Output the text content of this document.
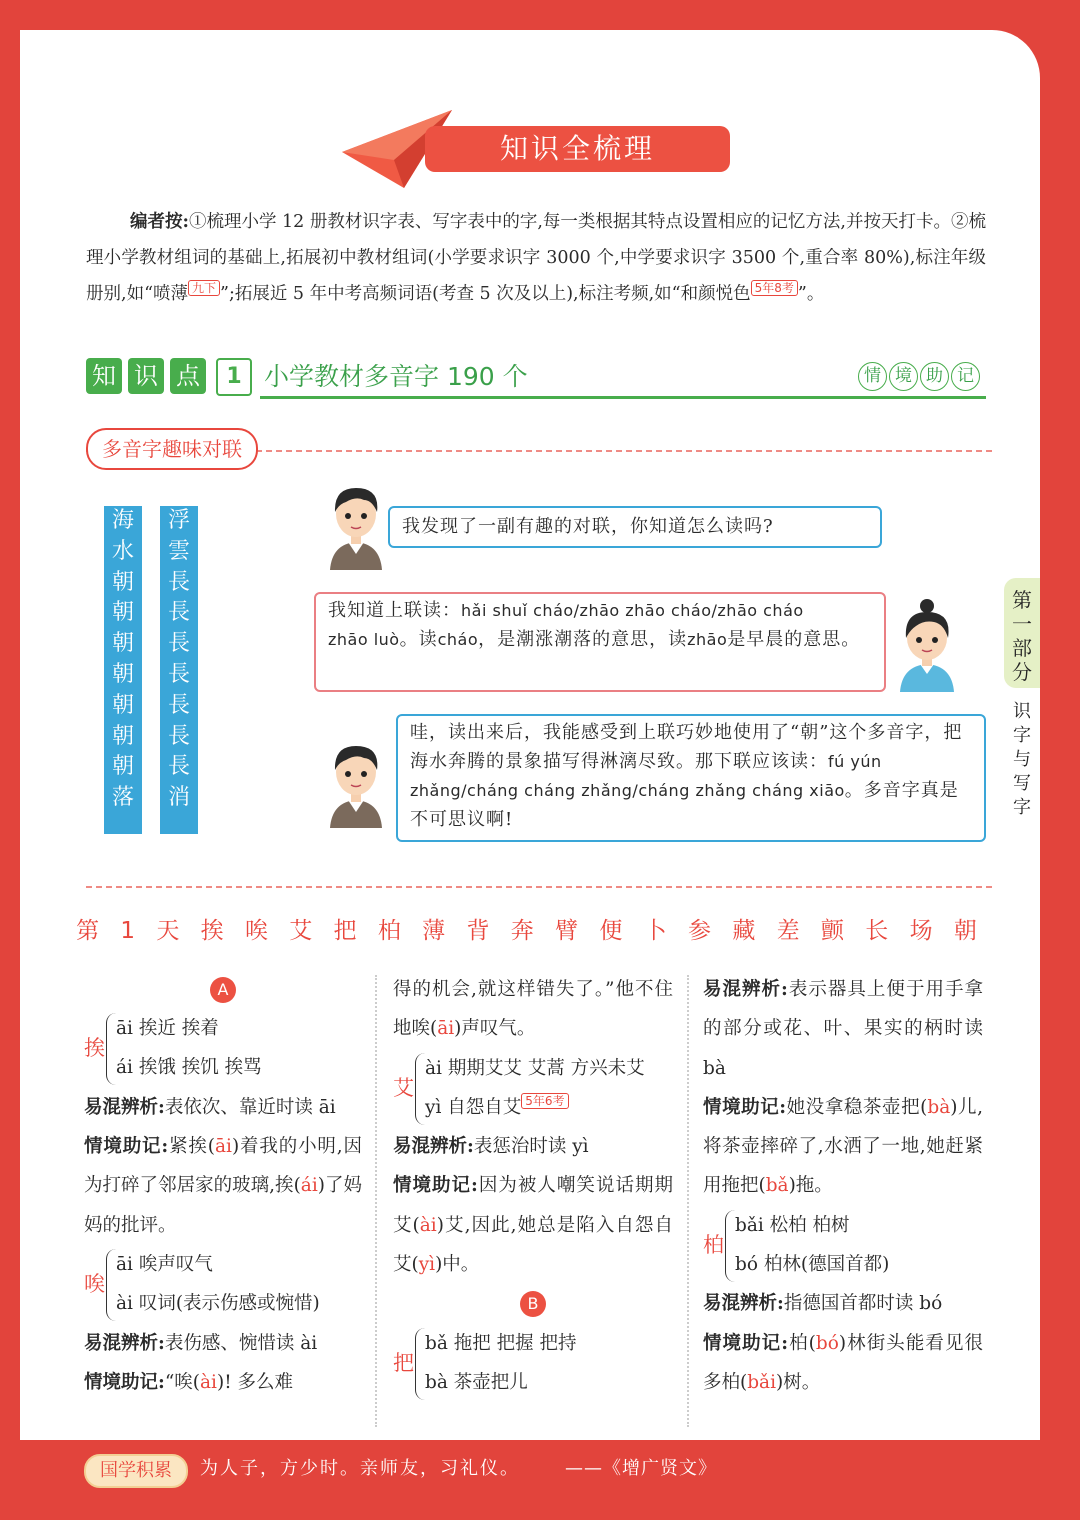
知识全梳理
编者按:①梳理小学 12 册教材识字表、写字表中的字,每一类根据其特点设置相应的记忆方法,并按天打卡。②梳理小学教材组词的基础上,拓展初中教材组词(小学要求识字 3000 个,中学要求识字 3500 个,重合率 80%),标注年级册别,如“喷薄 九下 ”;拓展近 5 年中考高频词语(考查 5 次及以上),标注考频,如“和颜悦色 5年8考 ”。
知 识 点	1 小学教材多音字 190 个	情 境 助 记
多音字趣味对联
海
水
朝
朝
朝
朝
朝
朝
朝
落
浮
雲
長
長
長
長
長
長
長
消
我发现了一副有趣的对联，你知道怎么读吗?
我知道上联读：hǎi shuǐ cháo/zhāo zhāo cháo/zhāo cháo
zhāo luò。读cháo，是潮涨潮落的意思，读zhāo是早晨的意思。
哇，读出来后，我能感受到上联巧妙地使用了“朝”这个多音字，把海水奔腾的景象描写得淋漓尽致。那下联应该读：fú yún zhǎng/cháng cháng zhǎng/cháng zhǎng cháng xiāo。多音字真是不可思议啊!
第
一
部
分
识
字
与
写
字
第 1 天 挨 唉 艾 把 柏 薄 背 奔 臂 便 卜 参 藏 差 颤 长 场 朝

A

挨
āi 挨近 挨着
ái 挨饿 挨饥 挨骂

易混辨析:表依次、靠近时读 āi

情境助记:紧挨(āi)着我的小明,因为打碎了邻居家的玻璃,挨(ái)了妈妈的批评。

唉
āi 唉声叹气
ài 叹词(表示伤感或惋惜)

易混辨析:表伤感、惋惜读 ài

情境助记:“唉(ài)! 多么难

得的机会,就这样错失了。”他不住地唉(āi)声叹气。

艾
ài 期期艾艾 艾蒿 方兴未艾
yì 自怨自艾 5年6考

易混辨析:表惩治时读 yì

情境助记:因为被人嘲笑说话期期艾(ài)艾,因此,她总是陷入自怨自艾(yì)中。

B

把
bǎ 拖把 把握 把持
bà 茶壶把儿

易混辨析:表示器具上便于用手拿的部分或花、叶、果实的柄时读 bà

情境助记:她没拿稳茶壶把(bà)儿,将茶壶摔碎了,水洒了一地,她赶紧用拖把(bǎ)拖。

柏
bǎi 松柏 柏树
bó 柏林(德国首都)

易混辨析:指德国首都时读 bó

情境助记:柏(bó)林街头能看见很多柏(bǎi)树。

国学积累	为人子，方少时。亲师友，习礼仪。	——《增广贤文》
